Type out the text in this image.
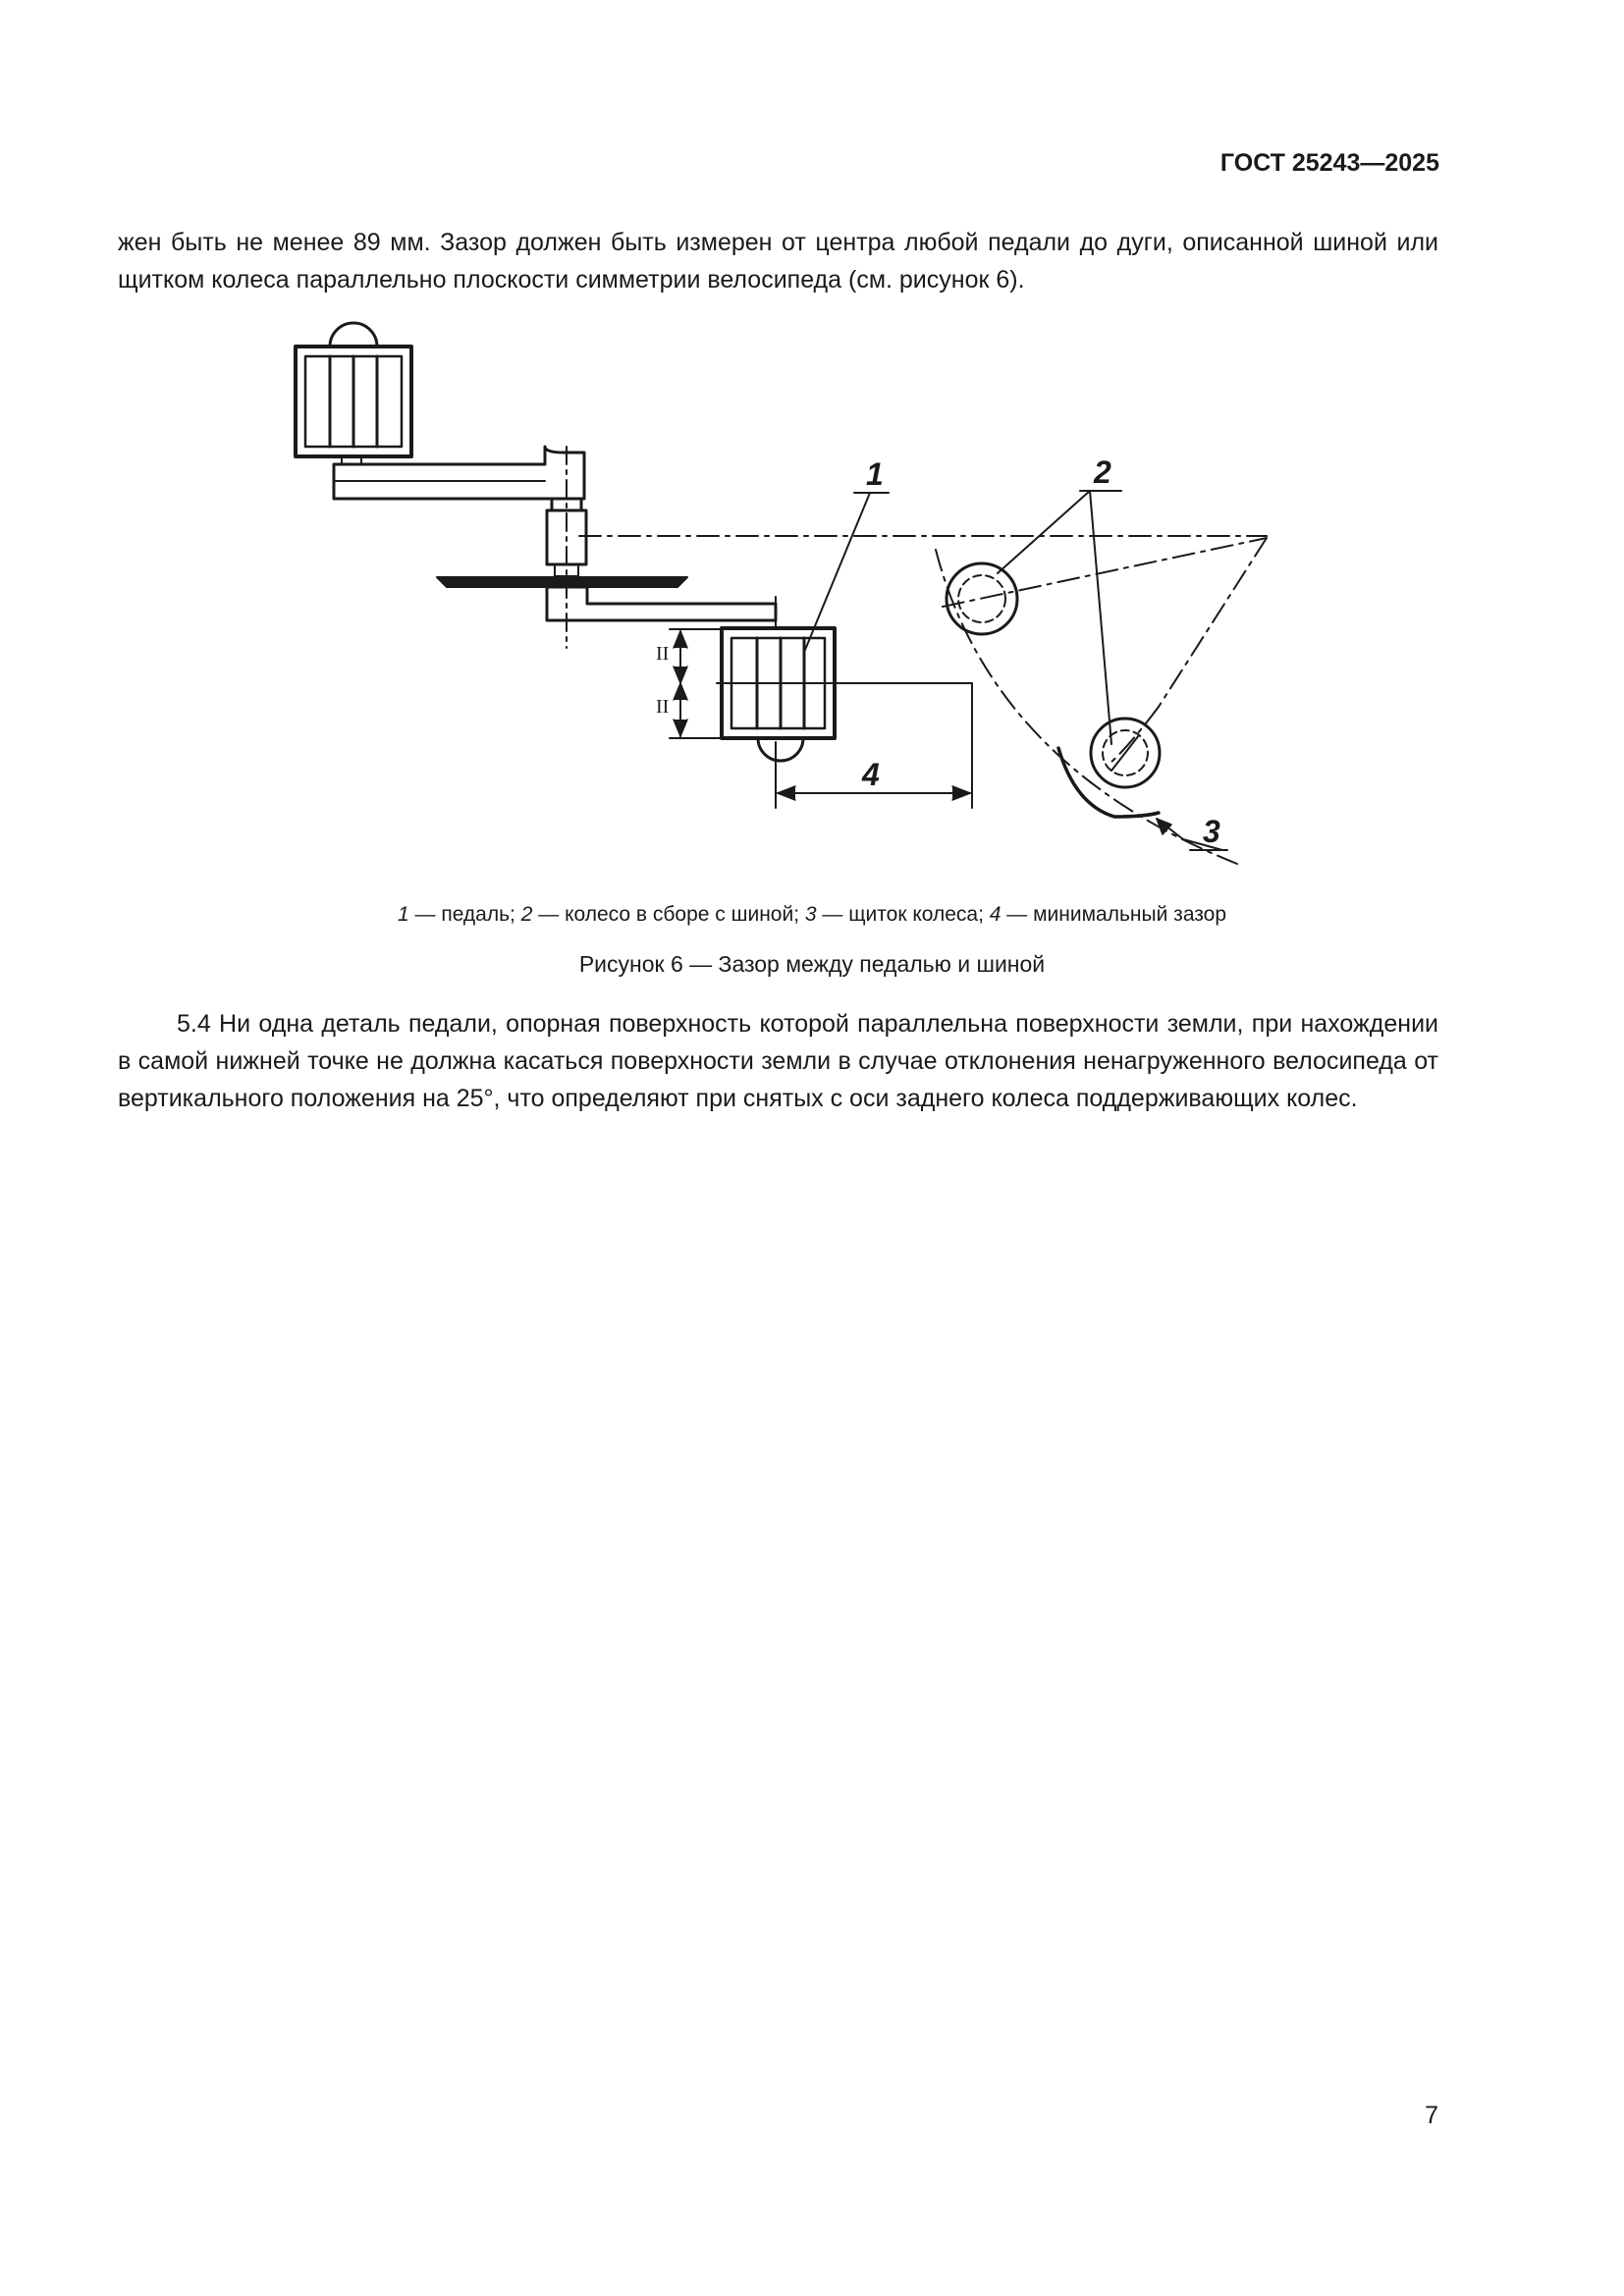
ГОСТ 25243—2025

жен быть не менее 89 мм. Зазор должен быть измерен от центра любой педали до дуги, описанной шиной или щитком колеса параллельно плоскости симметрии велосипеда (см. рисунок 6).

1	2
3
4
II
II
1 — педаль; 2 — колесо в сборе с шиной; 3 — щиток колеса; 4 — минимальный зазор
Рисунок 6 — Зазор между педалью и шиной

5.4 Ни одна деталь педали, опорная поверхность которой параллельна поверхности земли, при нахождении в самой нижней точке не должна касаться поверхности земли в случае отклонения ненагруженного велосипеда от вертикального положения на 25°, что определяют при снятых с оси заднего колеса поддерживающих колес.

7
